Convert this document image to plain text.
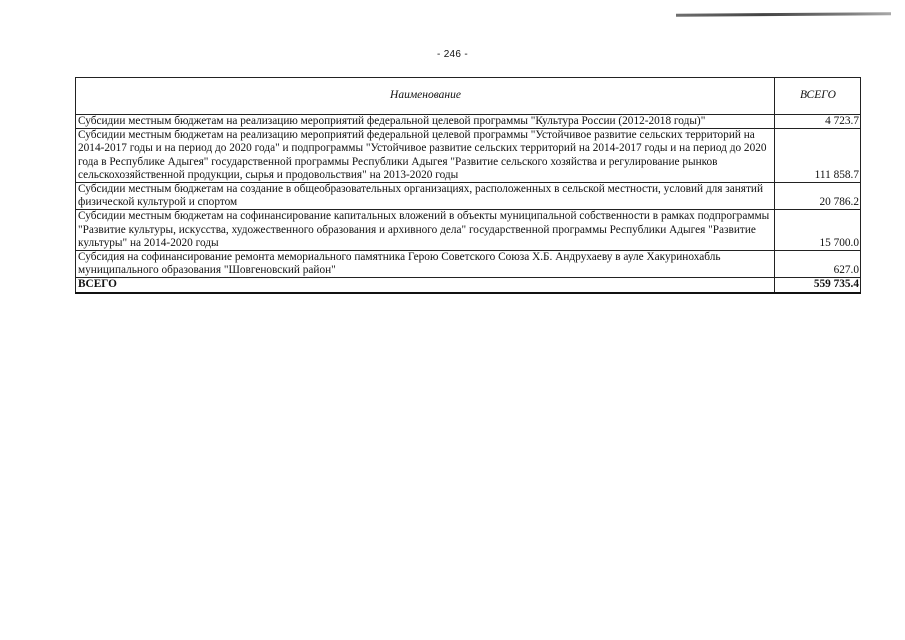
- 246 -
Наименование	ВСЕГО
Субсидии местным бюджетам на реализацию мероприятий федеральной целевой программы "Культура России (2012-2018 годы)"	4 723.7
Субсидии местным бюджетам на реализацию мероприятий федеральной целевой программы "Устойчивое развитие сельских территорий на 2014-2017 годы и на период до 2020 года" и подпрограммы "Устойчивое развитие сельских территорий на 2014-2017 годы и на период до 2020 года в Республике Адыгея" государственной программы Республики Адыгея "Развитие сельского хозяйства и регулирование рынков сельскохозяйственной продукции, сырья и продовольствия" на 2013-2020 годы	111 858.7
Субсидии местным бюджетам на создание в общеобразовательных организациях, расположенных в сельской местности, условий для занятий физической культурой и спортом	20 786.2
Субсидии местным бюджетам на софинансирование капитальных вложений в объекты муниципальной собственности в рамках подпрограммы "Развитие культуры, искусства, художественного образования и архивного дела" государственной программы Республики Адыгея "Развитие культуры" на 2014-2020 годы	15 700.0
Субсидия на софинансирование ремонта мемориального памятника Герою Советского Союза Х.Б. Андрухаеву в ауле Хакуринохабль муниципального образования "Шовгеновский район"	627.0
ВСЕГО	559 735.4
